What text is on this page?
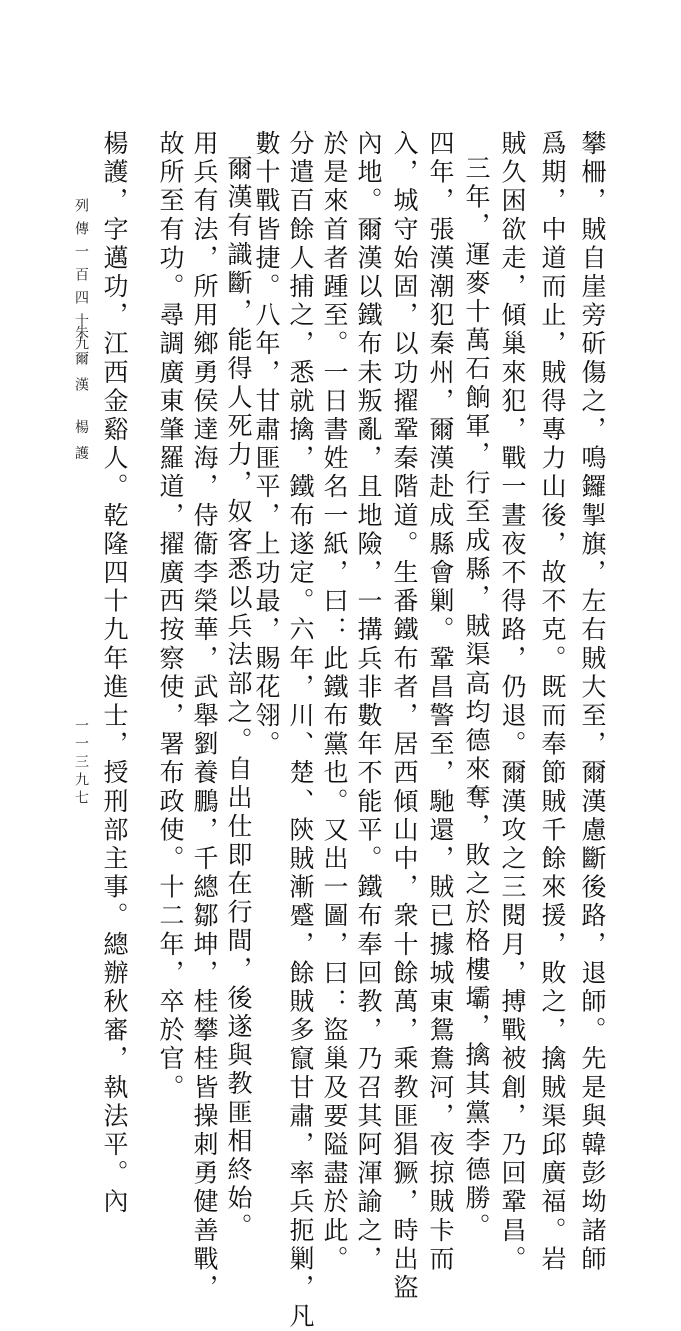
攀柵，賊自崖旁斫傷之，鳴鑼掣旗，左右賊大至，爾漢慮斷後路，退師。先是與韓彭坳諸師
爲期，中道而止，賊得專力山後，故不克。既而奉節賊千餘來援，敗之，擒賊渠邱廣福。岩
賊久困欲走，傾巢來犯，戰一晝夜不得路，仍退。爾漢攻之三閱月，搏戰被創，乃回鞏昌。
三年，運麥十萬石餉軍，行至成縣，賊渠高均德來奪，敗之於格樓壩，擒其黨李德勝。
四年，張漢潮犯秦州，爾漢赴成縣會剿。鞏昌警至，馳還，賊已據城東鴛鴦河，夜掠賊卡而
入，城守始固，以功擢鞏秦階道。生番鐵布者，居西傾山中，衆十餘萬，乘教匪猖獗，時出盜
內地。爾漢以鐵布未叛亂，且地險，一搆兵非數年不能平。鐵布奉回教，乃召其阿渾諭之，
於是來首者踵至。一日書姓名一紙，曰：此鐵布黨也。又出一圖，曰：盜巢及要隘盡於此。
分遣百餘人捕之，悉就擒，鐵布遂定。六年，川、楚、陝賊漸蹙，餘賊多竄甘肅，率兵扼剿，凡
數十戰皆捷。八年，甘肅匪平，上功最，賜花翎。
爾漢有識斷，能得人死力，奴客悉以兵法部之。自出仕即在行間，後遂與教匪相終始。
用兵有法，所用鄉勇侯達海，侍衞李榮華，武舉劉養鵬，千總鄒坤，桂攀桂皆操刺勇健善戰，
故所至有功。尋調廣東肇羅道，擢廣西按察使，署布政使。十二年，卒於官。
楊護，字邁功，江西金谿人。乾隆四十九年進士，授刑部主事。總辦秋審，執法平。內
列傳一百四十九
朱爾漢 楊護
一一三九七
